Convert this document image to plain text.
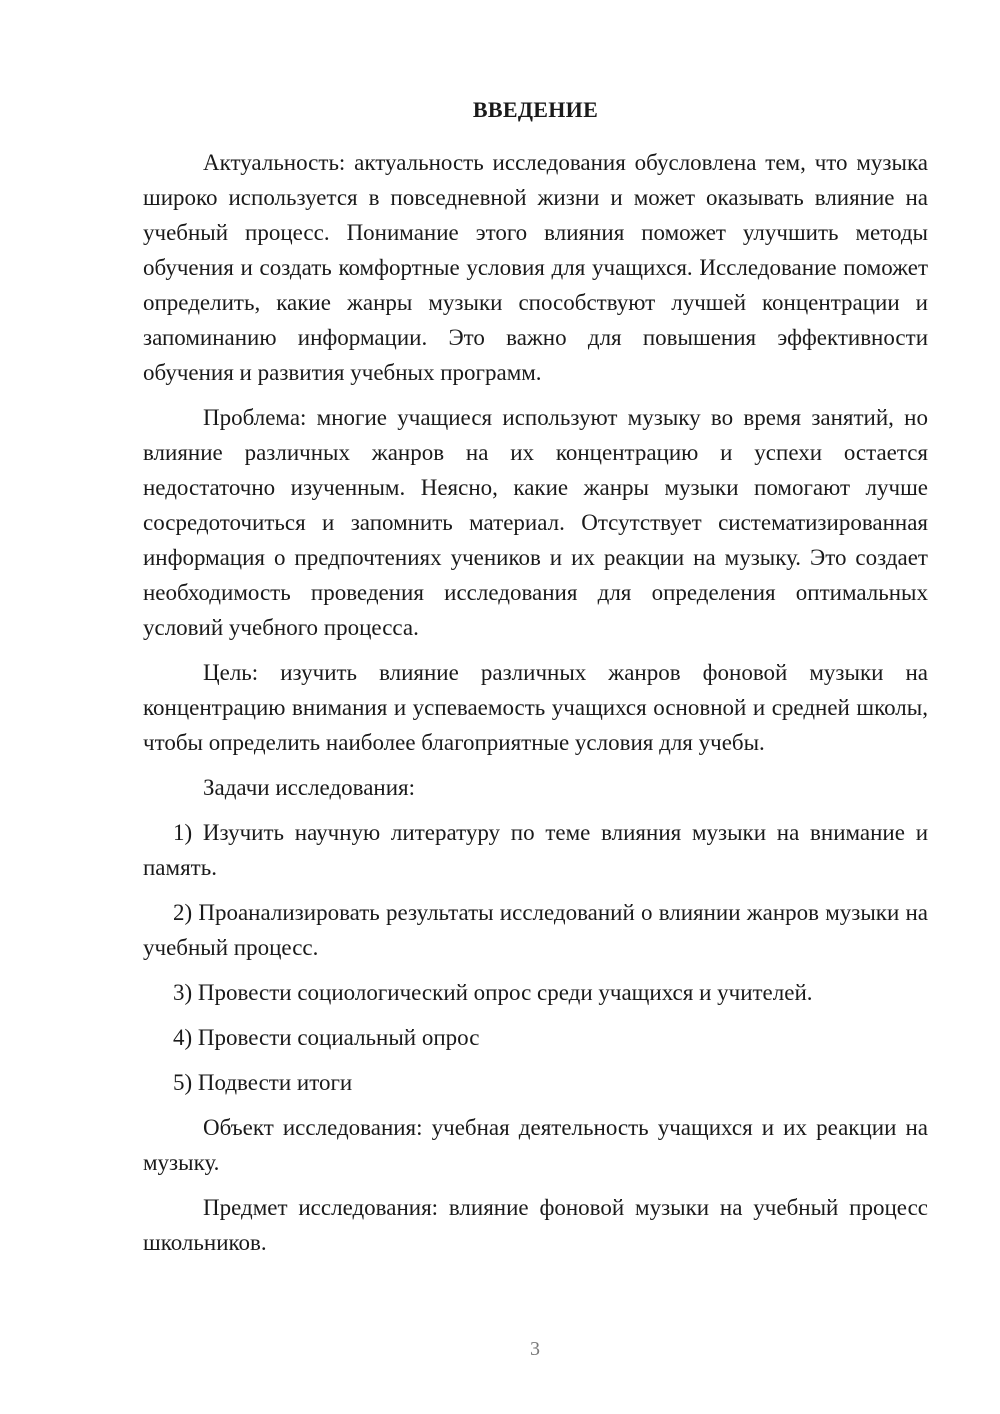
ВВЕДЕНИЕ

Актуальность: актуальность исследования обусловлена тем, что музыка широко используется в повседневной жизни и может оказывать влияние на учебный процесс. Понимание этого влияния поможет улучшить методы обучения и создать комфортные условия для учащихся. Исследование поможет определить, какие жанры музыки способствуют лучшей концентрации и запоминанию информации. Это важно для повышения эффективности обучения и развития учебных программ.

Проблема: многие учащиеся используют музыку во время занятий, но влияние различных жанров на их концентрацию и успехи остается недостаточно изученным. Неясно, какие жанры музыки помогают лучше сосредоточиться и запомнить материал. Отсутствует систематизированная информация о предпочтениях учеников и их реакции на музыку. Это создает необходимость проведения исследования для определения оптимальных условий учебного процесса.

Цель: изучить влияние различных жанров фоновой музыки на концентрацию внимания и успеваемость учащихся основной и средней школы, чтобы определить наиболее благоприятные условия для учебы.

Задачи исследования:

1) Изучить научную литературу по теме влияния музыки на внимание и память.

2) Проанализировать результаты исследований о влиянии жанров музыки на учебный процесс.

3) Провести социологический опрос среди учащихся и учителей.

4) Провести социальный опрос

5) Подвести итоги

Объект исследования: учебная деятельность учащихся и их реакции на музыку.

Предмет исследования: влияние фоновой музыки на учебный процесс школьников.

3
